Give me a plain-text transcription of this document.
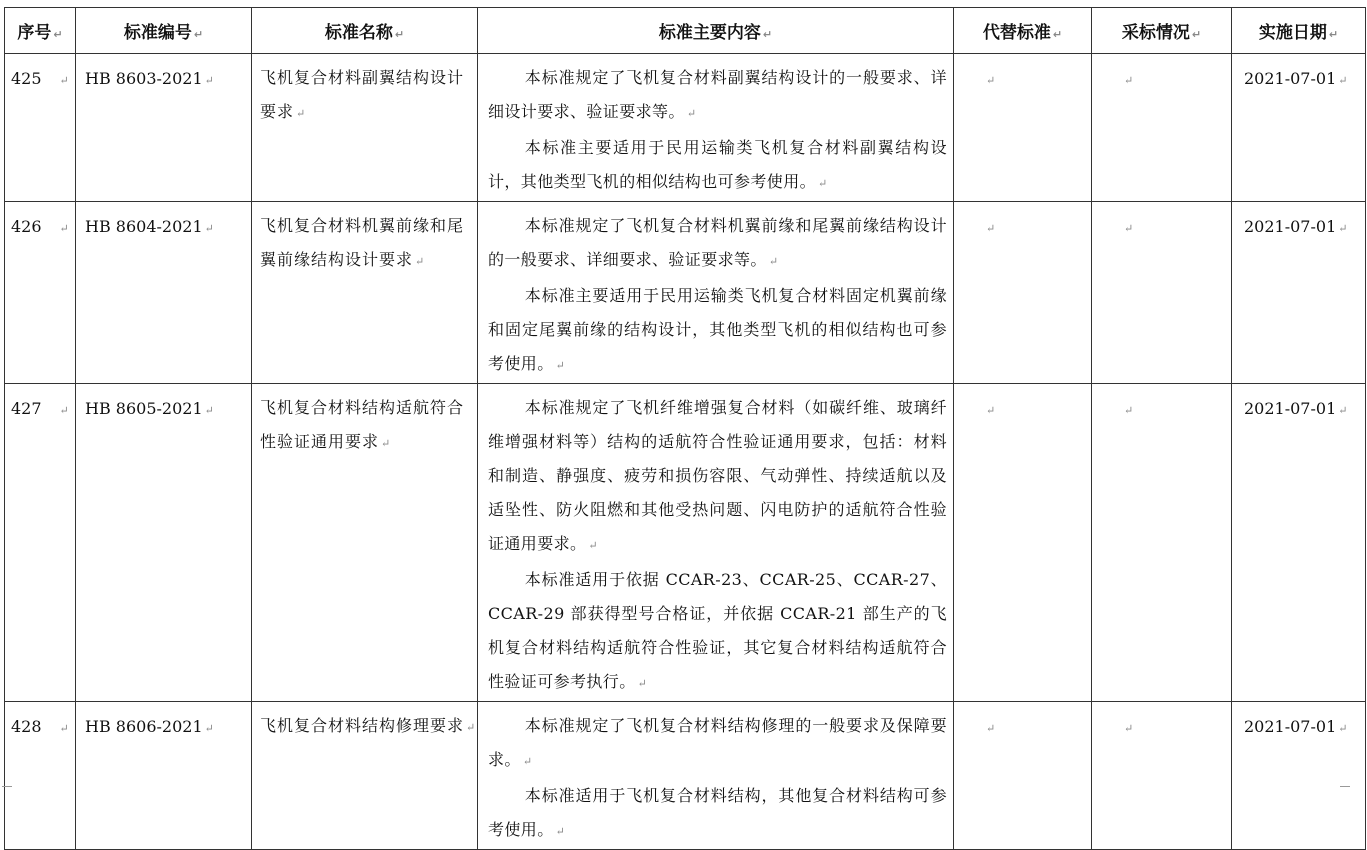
序号 ↵	标准编号 ↵	标准名称 ↵	标准主要内容 ↵	代替标准 ↵	采标情况 ↵	实施日期 ↵
425 ↵	HB 8603-2021 ↵	飞机复合材料副翼结构设计要求 ↵	本标准规定了飞机复合材料副翼结构设计的一般要求、详细设计要求、验证要求等。 ↵

本标准主要适用于民用运输类飞机复合材料副翼结构设计，其他类型飞机的相似结构也可参考使用。 ↵	↵	↵	2021-07-01 ↵
426 ↵	HB 8604-2021 ↵	飞机复合材料机翼前缘和尾翼前缘结构设计要求 ↵	本标准规定了飞机复合材料机翼前缘和尾翼前缘结构设计的一般要求、详细要求、验证要求等。 ↵

本标准主要适用于民用运输类飞机复合材料固定机翼前缘和固定尾翼前缘的结构设计，其他类型飞机的相似结构也可参考使用。 ↵	↵	↵	2021-07-01 ↵
427 ↵	HB 8605-2021 ↵	飞机复合材料结构适航符合性验证通用要求 ↵	本标准规定了飞机纤维增强复合材料（如碳纤维、玻璃纤维增强材料等）结构的适航符合性验证通用要求，包括：材料和制造、静强度、疲劳和损伤容限、气动弹性、持续适航以及适坠性、防火阻燃和其他受热问题、闪电防护的适航符合性验证通用要求。 ↵

本标准适用于依据 CCAR-23、CCAR-25、CCAR-27、CCAR-29 部获得型号合格证，并依据 CCAR-21 部生产的飞机复合材料结构适航符合性验证，其它复合材料结构适航符合性验证可参考执行。 ↵	↵	↵	2021-07-01 ↵
428 ↵	HB 8606-2021 ↵	飞机复合材料结构修理要求 ↵	本标准规定了飞机复合材料结构修理的一般要求及保障要求。 ↵

本标准适用于飞机复合材料结构，其他复合材料结构可参考使用。 ↵	↵	↵	2021-07-01 ↵
